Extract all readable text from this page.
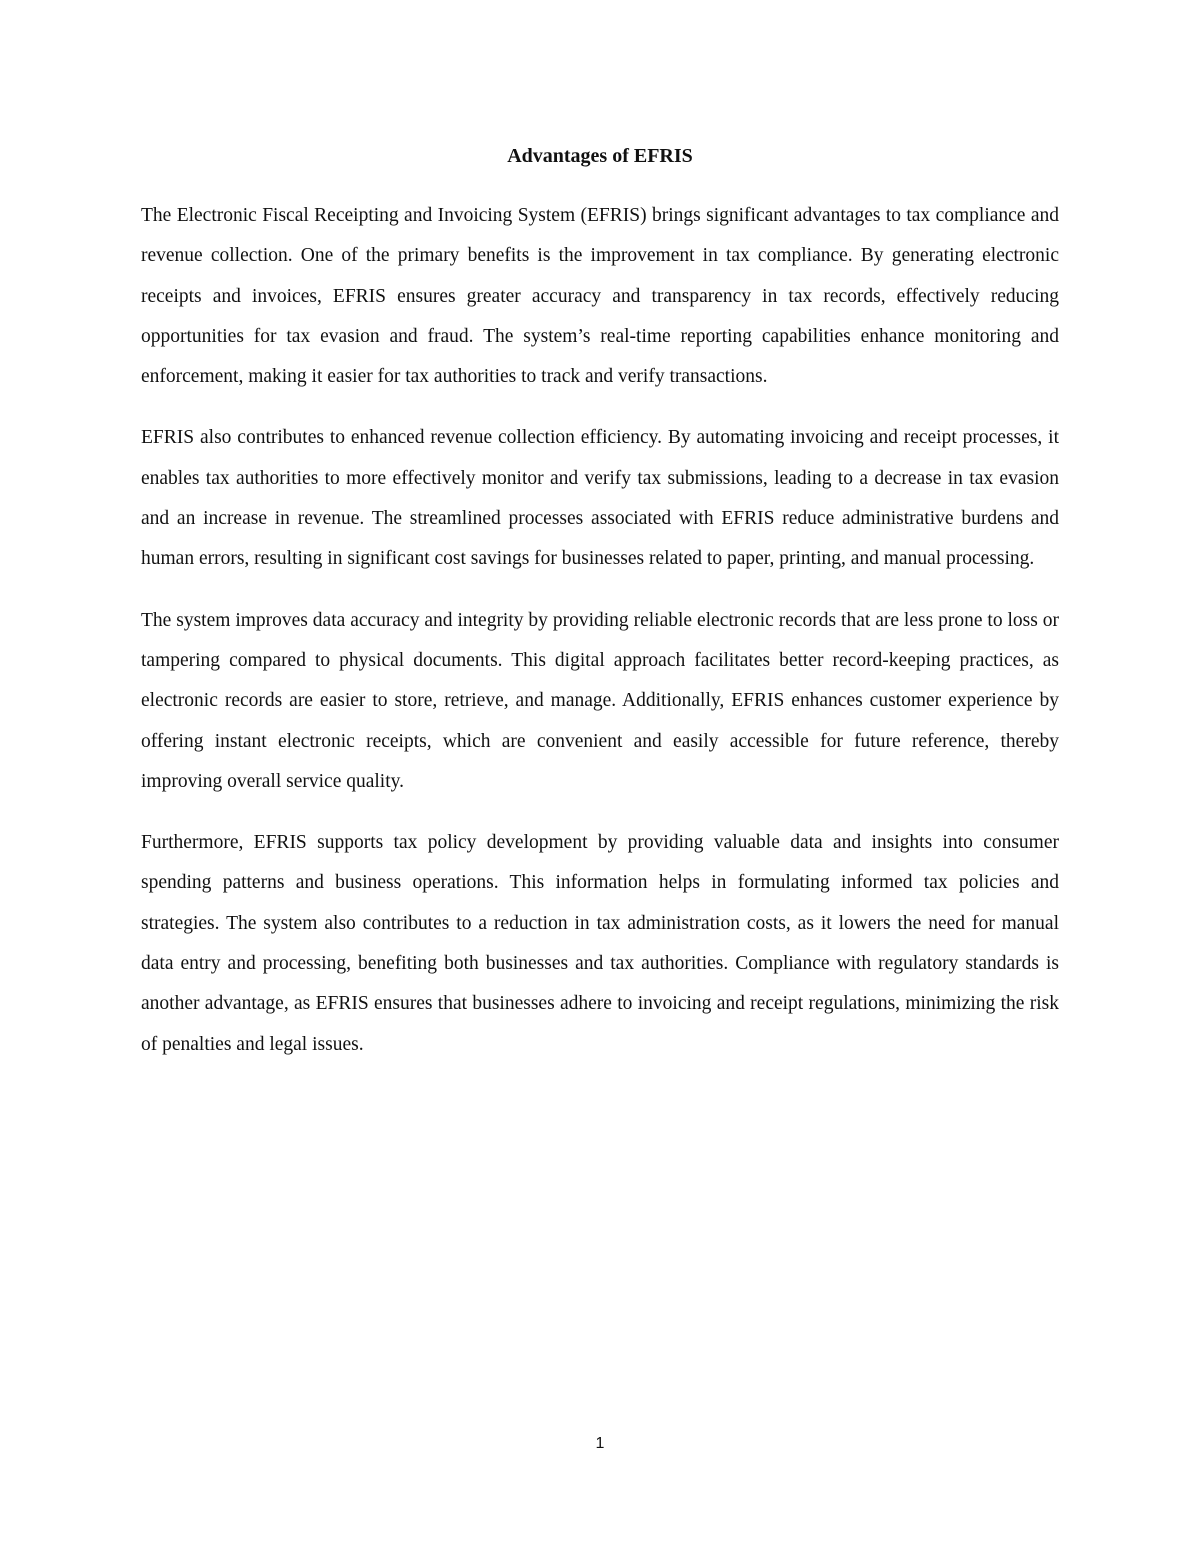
Advantages of EFRIS

The Electronic Fiscal Receipting and Invoicing System (EFRIS) brings significant advantages to tax compliance and revenue collection. One of the primary benefits is the improvement in tax compliance. By generating electronic receipts and invoices, EFRIS ensures greater accuracy and transparency in tax records, effectively reducing opportunities for tax evasion and fraud. The system’s real-time reporting capabilities enhance monitoring and enforcement, making it easier for tax authorities to track and verify transactions.

EFRIS also contributes to enhanced revenue collection efficiency. By automating invoicing and receipt processes, it enables tax authorities to more effectively monitor and verify tax submissions, leading to a decrease in tax evasion and an increase in revenue. The streamlined processes associated with EFRIS reduce administrative burdens and human errors, resulting in significant cost savings for businesses related to paper, printing, and manual processing.

The system improves data accuracy and integrity by providing reliable electronic records that are less prone to loss or tampering compared to physical documents. This digital approach facilitates better record-keeping practices, as electronic records are easier to store, retrieve, and manage. Additionally, EFRIS enhances customer experience by offering instant electronic receipts, which are convenient and easily accessible for future reference, thereby improving overall service quality.

Furthermore, EFRIS supports tax policy development by providing valuable data and insights into consumer spending patterns and business operations. This information helps in formulating informed tax policies and strategies. The system also contributes to a reduction in tax administration costs, as it lowers the need for manual data entry and processing, benefiting both businesses and tax authorities. Compliance with regulatory standards is another advantage, as EFRIS ensures that businesses adhere to invoicing and receipt regulations, minimizing the risk of penalties and legal issues.

1
